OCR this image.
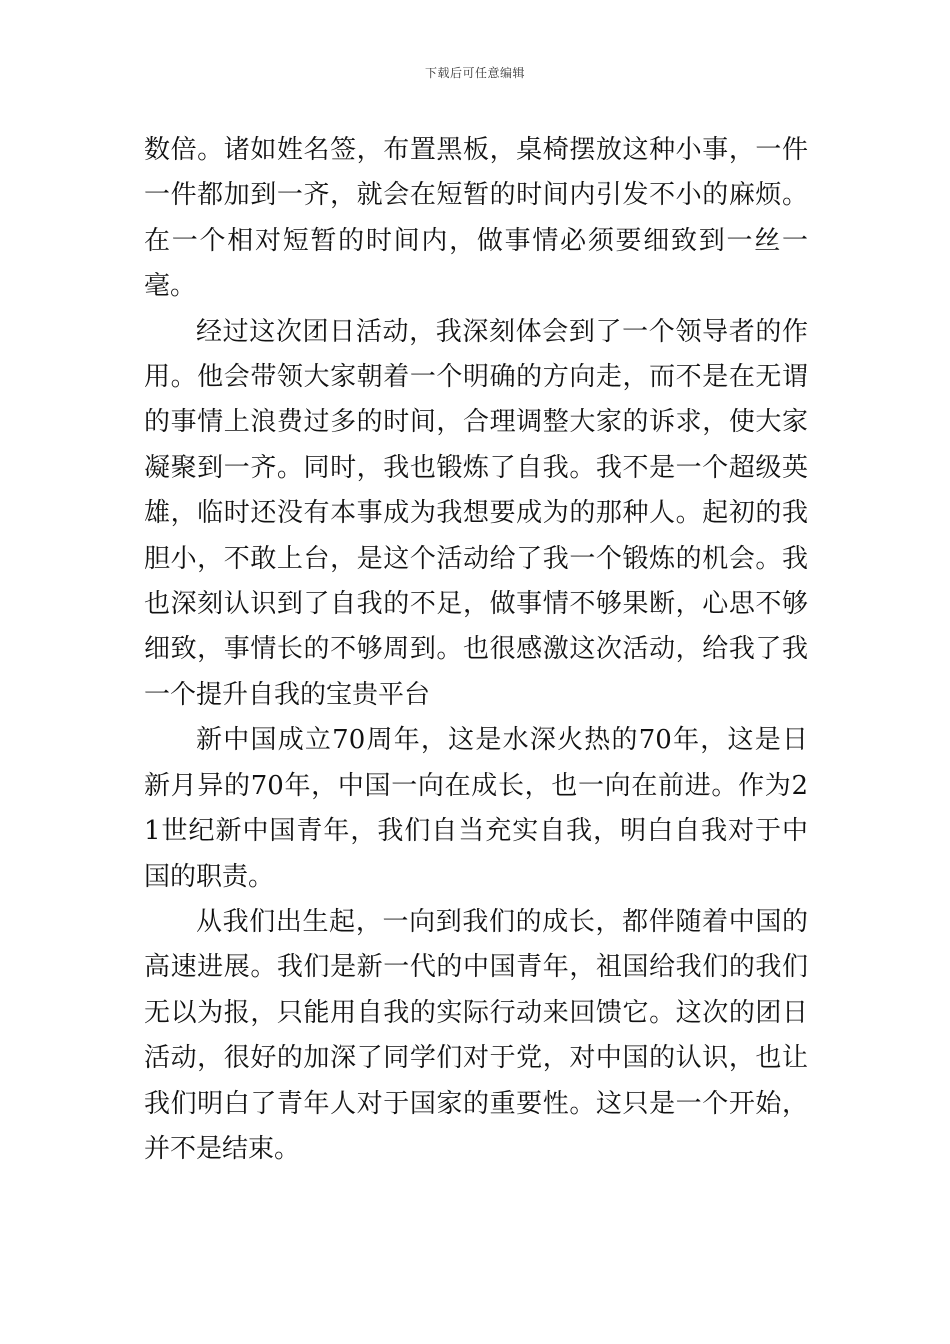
下载后可任意编辑

数倍。诸如姓名签，布置黑板，桌椅摆放这种小事，一件一件都加到一齐，就会在短暂的时间内引发不小的麻烦。在一个相对短暂的时间内，做事情必须要细致到一丝一毫。

经过这次团日活动，我深刻体会到了一个领导者的作用。他会带领大家朝着一个明确的方向走，而不是在无谓的事情上浪费过多的时间，合理调整大家的诉求，使大家凝聚到一齐。同时，我也锻炼了自我。我不是一个超级英雄，临时还没有本事成为我想要成为的那种人。起初的我胆小，不敢上台，是这个活动给了我一个锻炼的机会。我也深刻认识到了自我的不足，做事情不够果断，心思不够细致，事情长的不够周到。也很感激这次活动，给我了我一个提升自我的宝贵平台

新中国成立70周年，这是水深火热的70年，这是日新月异的70年，中国一向在成长，也一向在前进。作为21世纪新中国青年，我们自当充实自我，明白自我对于中国的职责。

从我们出生起，一向到我们的成长，都伴随着中国的高速进展。我们是新一代的中国青年，祖国给我们的我们无以为报，只能用自我的实际行动来回馈它。这次的团日活动，很好的加深了同学们对于党，对中国的认识，也让我们明白了青年人对于国家的重要性。这只是一个开始，并不是结束。
